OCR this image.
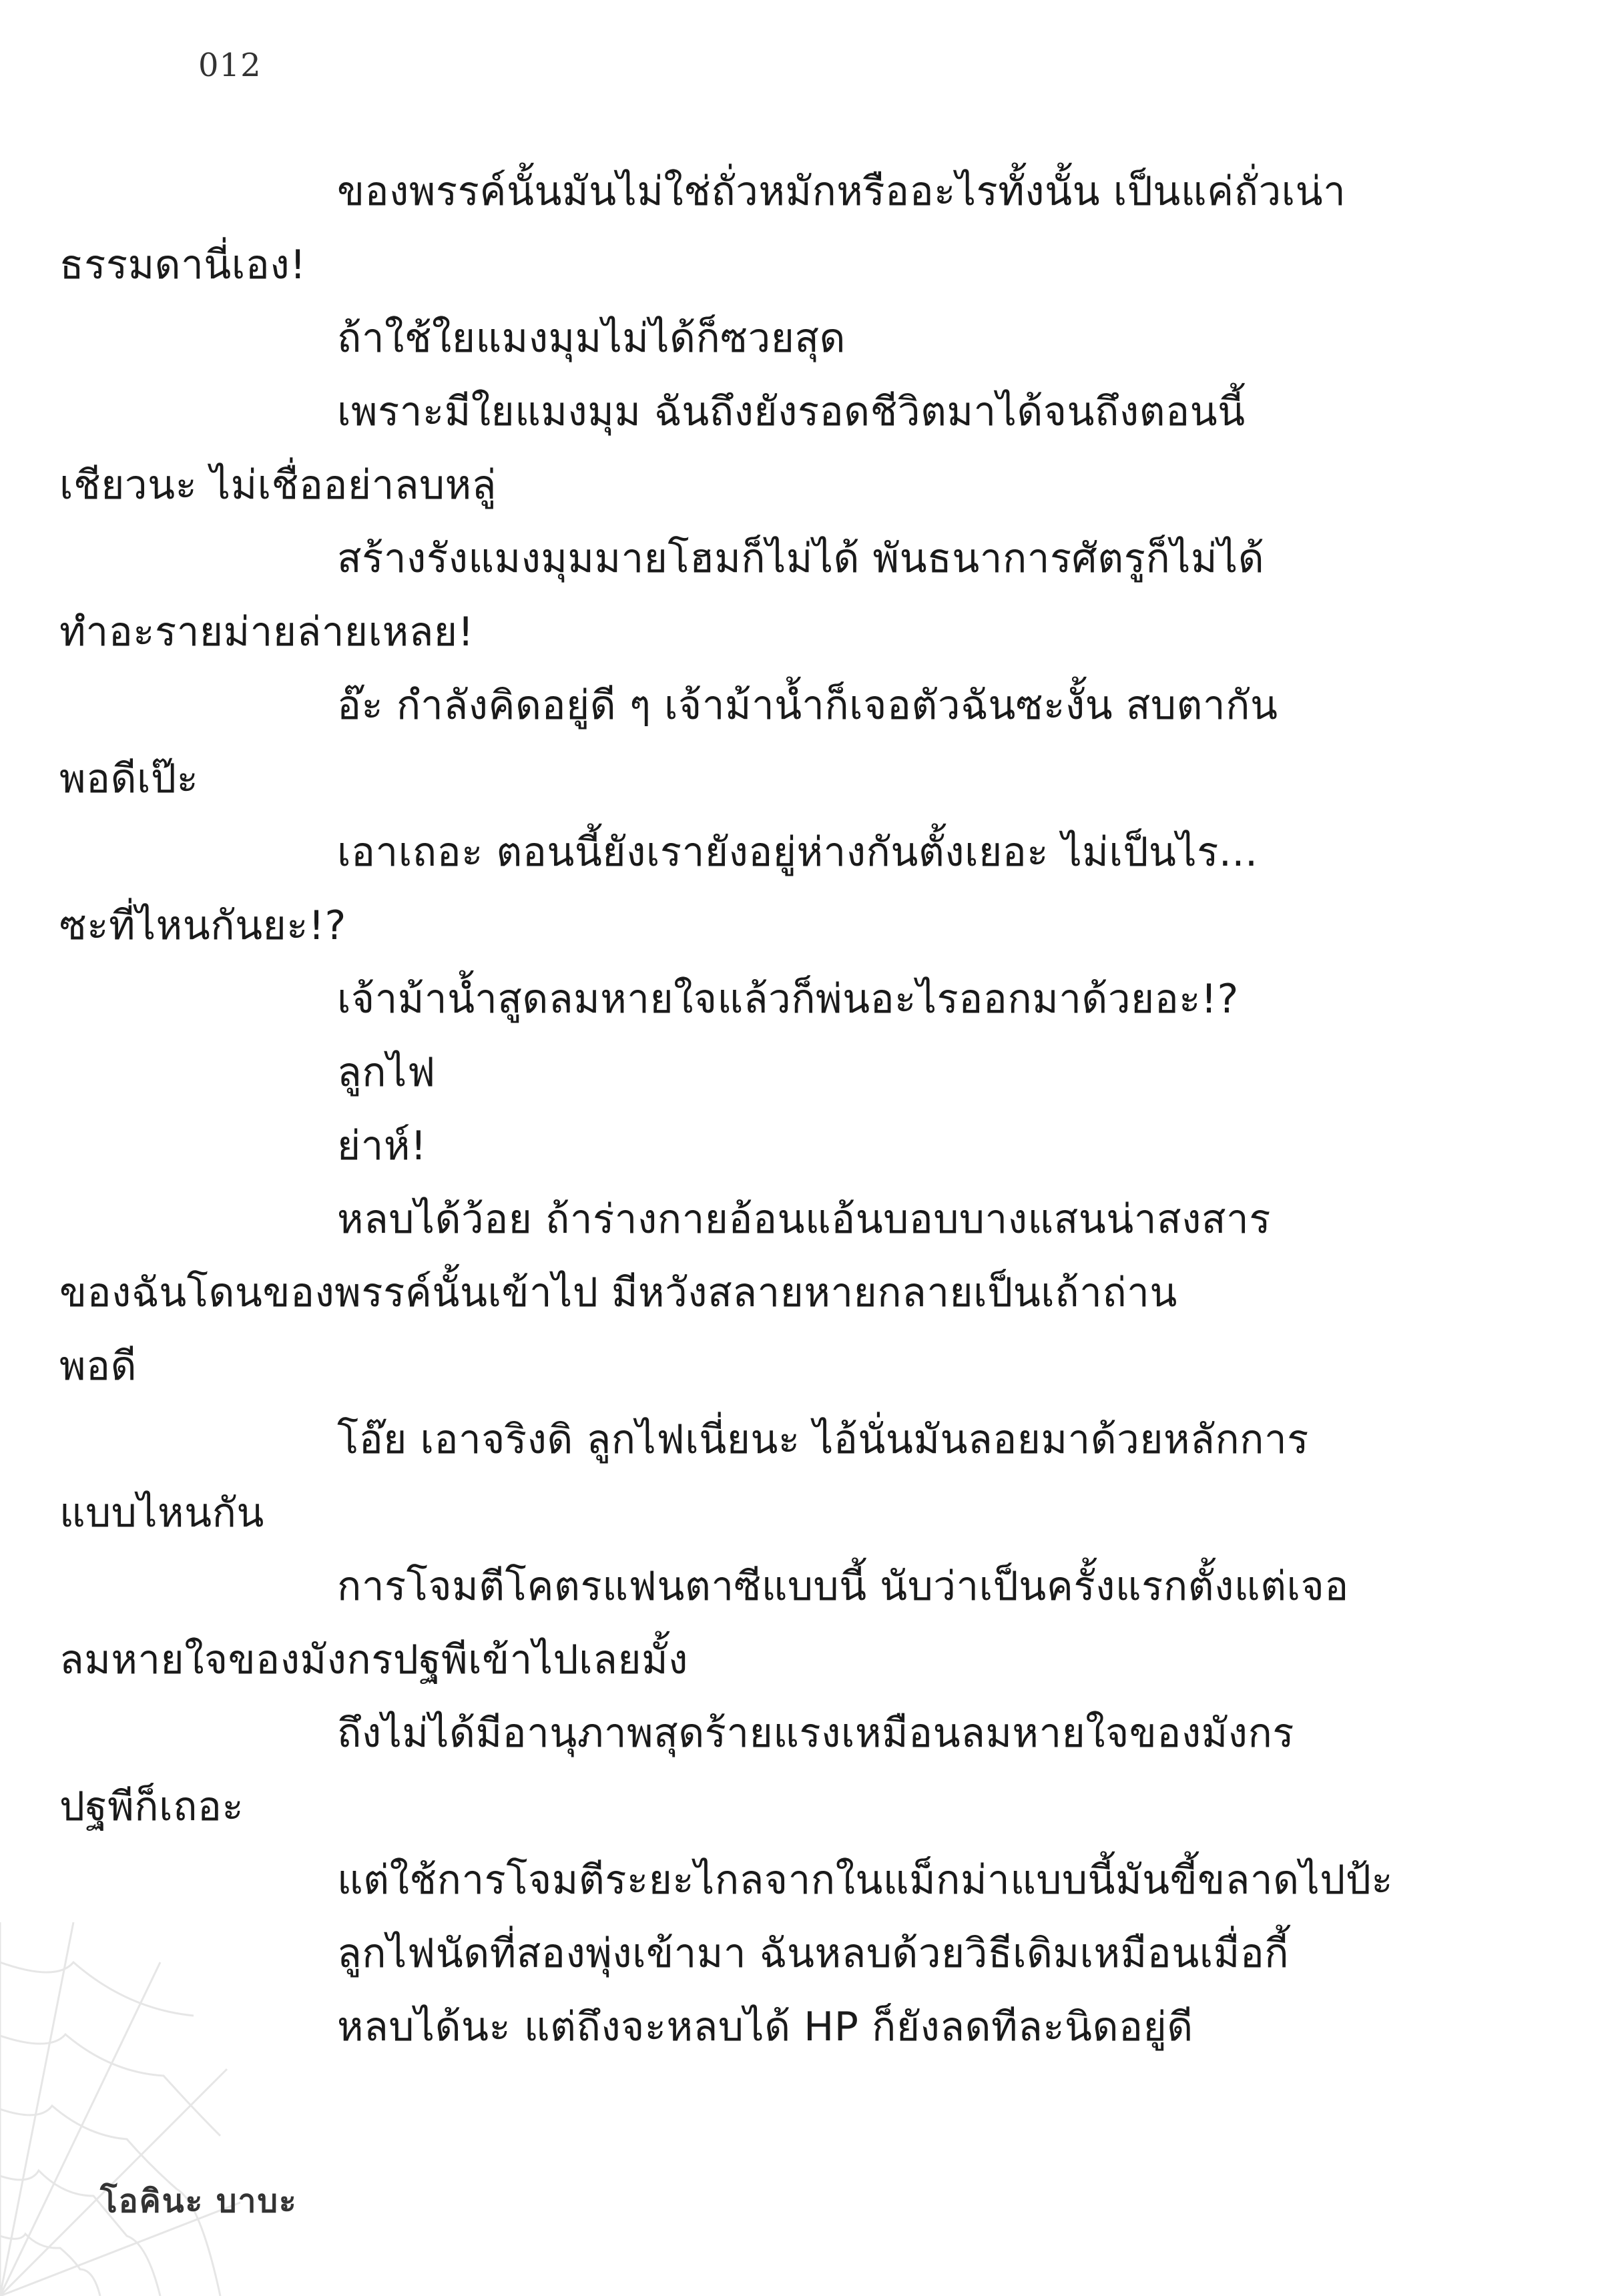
012

ของพรรค์นั้นมันไม่ใช่ถั่วหมักหรืออะไรทั้งนั้น เป็นแค่ถั่วเน่า
ธรรมดานี่เอง!

ถ้าใช้ใยแมงมุมไม่ได้ก็ซวยสุด

เพราะมีใยแมงมุม ฉันถึงยังรอดชีวิตมาได้จนถึงตอนนี้
เชียวนะ ไม่เชื่ออย่าลบหลู่

สร้างรังแมงมุมมายโฮมก็ไม่ได้ พันธนาการศัตรูก็ไม่ได้
ทำอะรายม่ายล่ายเหลย!

อ๊ะ กำลังคิดอยู่ดี ๆ เจ้าม้าน้ำก็เจอตัวฉันซะงั้น สบตากัน
พอดีเป๊ะ

เอาเถอะ ตอนนี้ยังเรายังอยู่ห่างกันตั้งเยอะ ไม่เป็นไร...
ซะที่ไหนกันยะ!?

เจ้าม้าน้ำสูดลมหายใจแล้วก็พ่นอะไรออกมาด้วยอะ!?

ลูกไฟ

ย่าห์!

หลบได้ว้อย ถ้าร่างกายอ้อนแอ้นบอบบางแสนน่าสงสาร
ของฉันโดนของพรรค์นั้นเข้าไป มีหวังสลายหายกลายเป็นเถ้าถ่าน
พอดี

โอ๊ย เอาจริงดิ ลูกไฟเนี่ยนะ ไอ้นั่นมันลอยมาด้วยหลักการ
แบบไหนกัน

การโจมตีโคตรแฟนตาซีแบบนี้ นับว่าเป็นครั้งแรกตั้งแต่เจอ
ลมหายใจของมังกรปฐพีเข้าไปเลยมั้ง

ถึงไม่ได้มีอานุภาพสุดร้ายแรงเหมือนลมหายใจของมังกร
ปฐพีก็เถอะ

แต่ใช้การโจมตีระยะไกลจากในแม็กม่าแบบนี้มันขี้ขลาดไปป้ะ

ลูกไฟนัดที่สองพุ่งเข้ามา ฉันหลบด้วยวิธีเดิมเหมือนเมื่อกี้

หลบได้นะ แต่ถึงจะหลบได้ HP ก็ยังลดทีละนิดอยู่ดี

โอคินะ บาบะ
